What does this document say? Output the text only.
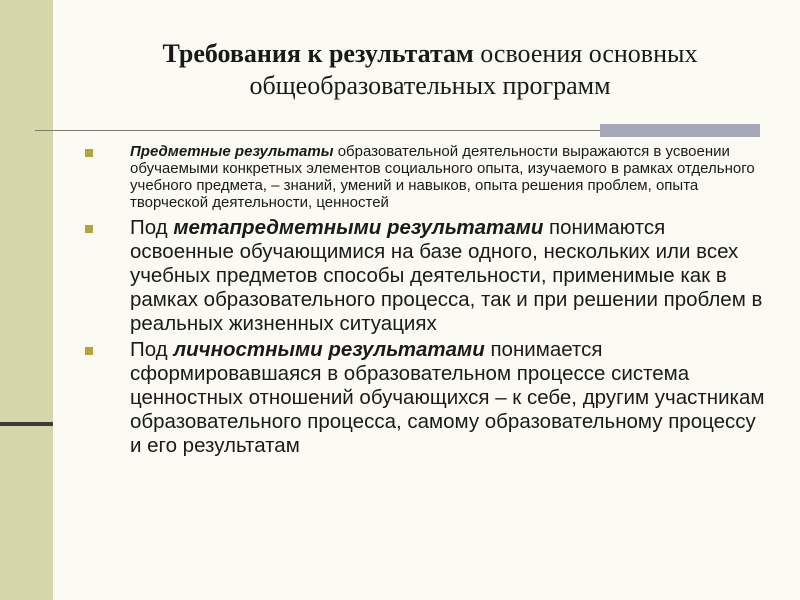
Требования к результатам освоения основных общеобразовательных программ
Предметные результаты образовательной деятельности выражаются в усвоении обучаемыми конкретных элементов социального опыта, изучаемого в рамках отдельного учебного предмета, – знаний, умений и навыков, опыта решения проблем, опыта творческой деятельности, ценностей
Под метапредметными результатами понимаются освоенные обучающимися на базе одного, нескольких или всех учебных предметов способы деятельности, применимые как в рамках образовательного процесса, так и при решении проблем в реальных жизненных ситуациях
Под личностными результатами понимается сформировавшаяся в образовательном процессе система ценностных отношений обучающихся – к себе, другим участникам образовательного процесса, самому образовательному процессу и его результатам
